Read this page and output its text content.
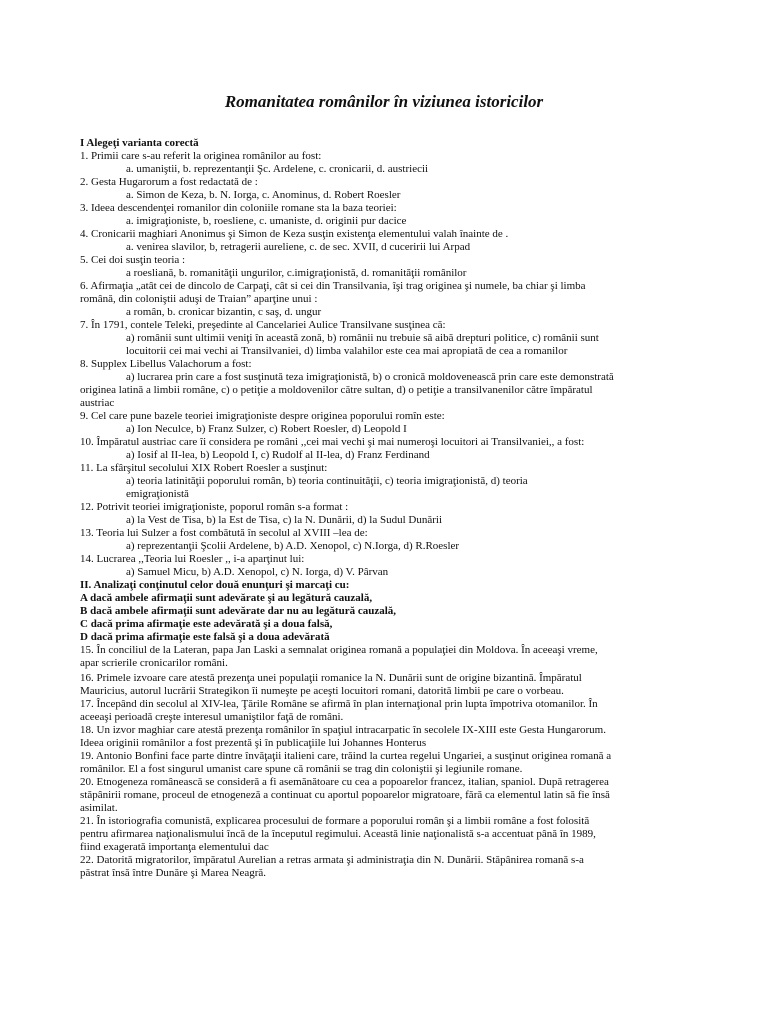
Romanitatea românilor în viziunea istoricilor
I Alegeţi varianta corectă
1. Primii care s-au referit la originea românilor au fost:
a. umaniştii, b. reprezentanţii Şc. Ardelene, c. cronicarii, d. austriecii
2. Gesta Hugarorum a fost redactată de :
a. Simon de Keza, b. N. Iorga, c. Anominus, d. Robert Roesler
3. Ideea descendenţei romanilor din coloniile romane sta la baza teoriei:
a. imigraţioniste, b, roesliene, c. umaniste, d. originii pur dacice
4. Cronicarii maghiari Anonimus şi Simon de Keza susţin existenţa elementului valah înainte de .
a. venirea slavilor, b, retragerii aureliene, c. de sec. XVII, d cuceririi lui Arpad
5. Cei doi susţin teoria :
a roesliană, b. romanităţii ungurilor, c.imigraţionistă, d. romanităţii românilor
6. Afirmaţia „atât cei de dincolo de Carpaţi, cât si cei din Transilvania, îşi trag originea şi numele, ba chiar şi limba
română, din coloniştii aduşi de Traian” aparţine unui :
a român, b. cronicar bizantin, c saş, d. ungur
7. În 1791, contele Teleki, preşedinte al Cancelariei Aulice Transilvane susţinea că:
a) românii sunt ultimii veniţi în această zonă, b) românii nu trebuie să aibă drepturi politice, c) românii sunt
locuitorii cei mai vechi ai Transilvaniei, d) limba valahilor este cea mai apropiată de cea a romanilor
8. Supplex Libellus Valachorum a fost:
a) lucrarea prin care a fost susţinută teza imigraţionistă, b) o cronică moldovenească prin care este demonstrată
originea latină a limbii române, c) o petiţie a moldovenilor către sultan, d) o petiţie a transilvanenilor către împăratul
austriac
9. Cel care pune bazele teoriei imigraţioniste despre originea poporului romîn este:
a) Ion Neculce, b) Franz Sulzer, c) Robert Roesler, d) Leopold I
10. Împăratul austriac care îi considera pe români ,,cei mai vechi şi mai numeroşi locuitori ai Transilvaniei,, a fost:
a) Iosif al II-lea, b) Leopold I, c) Rudolf al II-lea, d) Franz Ferdinand
11. La sfârşitul secolului XIX Robert Roesler a susţinut:
a) teoria latinităţii poporului român, b) teoria continuităţii, c) teoria imigraţionistă, d) teoria
emigraţionistă
12. Potrivit teoriei imigraţioniste, poporul român s-a format :
a) la Vest de Tisa, b) la Est de Tisa, c) la N. Dunării, d) la Sudul Dunării
13. Teoria lui Sulzer a fost combătută în secolul al XVIII –lea de:
a) reprezentanţii Şcolii Ardelene, b) A.D. Xenopol, c) N.Iorga, d) R.Roesler
14. Lucrarea ,,Teoria lui Roesler ,, i-a aparţinut lui:
a) Samuel Micu, b) A.D. Xenopol, c) N. Iorga, d) V. Pârvan
II. Analizaţi conţinutul celor două enunţuri şi marcaţi cu:
A dacă ambele afirmaţii sunt adevărate şi au legătură cauzală,
B dacă ambele afirmaţii sunt adevărate dar nu au legătură cauzală,
C dacă prima afirmaţie este adevărată şi a doua falsă,
D dacă prima afirmaţie este falsă şi a doua adevărată
15. În conciliul de la Lateran, papa Jan Laski a semnalat originea romană a populaţiei din Moldova. În aceeaşi vreme,
apar scrierile cronicarilor români.
16. Primele izvoare care atestă prezenţa unei populaţii romanice la N. Dunării sunt de origine bizantină. Împăratul
Mauricius, autorul lucrării Strategikon îi numeşte pe aceşti locuitori romani, datorită limbii pe care o vorbeau.
17. Începând din secolul al XIV-lea, Ţările Române se afirmă în plan internaţional prin lupta împotriva otomanilor. În
aceeaşi perioadă creşte interesul umaniştilor faţă de români.
18. Un izvor maghiar care atestă prezenţa românilor în spaţiul intracarpatic în secolele IX-XIII este Gesta Hungarorum.
Ideea originii românilor a fost prezentă şi în publicaţiile lui Johannes Honterus
19. Antonio Bonfini face parte dintre învăţaţii italieni care, trăind la curtea regelui Ungariei, a susţinut originea romană a
românilor. El a fost singurul umanist care spune că românii se trag din coloniştii şi legiunile romane.
20. Etnogeneza românească se consideră a fi asemănătoare cu cea a popoarelor francez, italian, spaniol. După retragerea
stăpânirii romane, proceul de etnogeneză a continuat cu aportul popoarelor migratoare, fără ca elementul latin să fie însă
asimilat.
21. În istoriografia comunistă, explicarea procesului de formare a poporului român şi a limbii române a fost folosită
pentru afirmarea naţionalismului încă de la începutul regimului. Această linie naţionalistă s-a accentuat până în 1989,
fiind exagerată importanţa elementului dac
22. Datorită migratorilor, împăratul Aurelian a retras armata şi administraţia din N. Dunării. Stăpânirea romană s-a
păstrat însă între Dunăre şi Marea Neagră.
